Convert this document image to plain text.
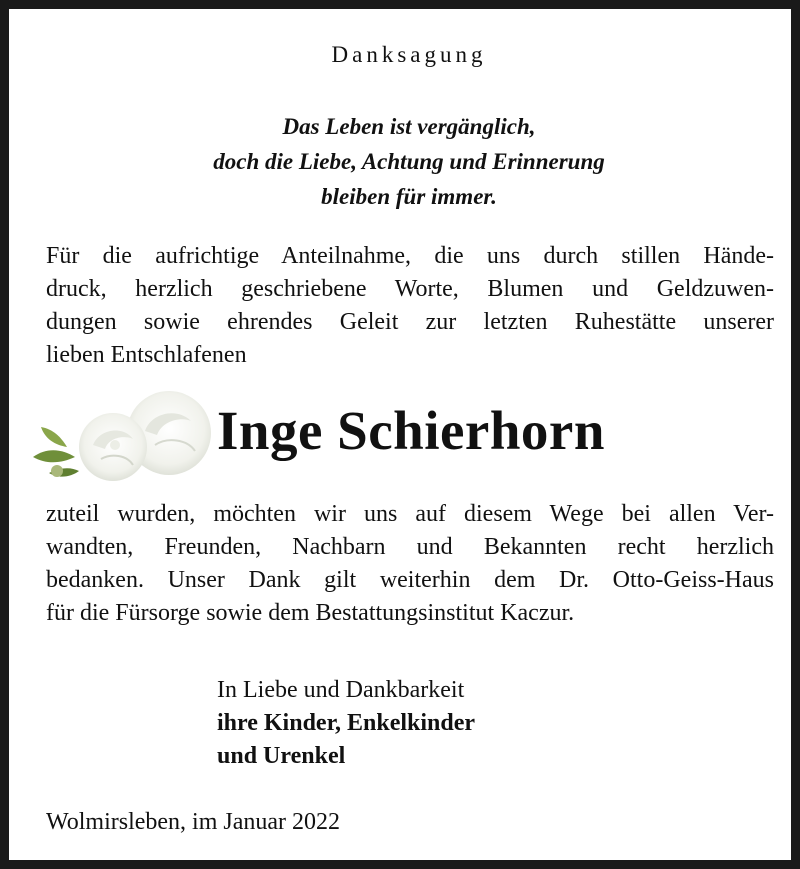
Danksagung
Das Leben ist vergänglich,
doch die Liebe, Achtung und Erinnerung
bleiben für immer.
Für die aufrichtige Anteilnahme, die uns durch stillen Hände-
druck, herzlich geschriebene Worte, Blumen und Geldzuwen-
dungen sowie ehrendes Geleit zur letzten Ruhestätte unserer
lieben Entschlafenen
Inge Schierhorn
zuteil wurden, möchten wir uns auf diesem Wege bei allen Ver-
wandten, Freunden, Nachbarn und Bekannten recht herzlich
bedanken. Unser Dank gilt weiterhin dem Dr. Otto-Geiss-Haus
für die Fürsorge sowie dem Bestattungsinstitut Kaczur.
In Liebe und Dankbarkeit
ihre Kinder, Enkelkinder
und Urenkel
Wolmirsleben, im Januar 2022
